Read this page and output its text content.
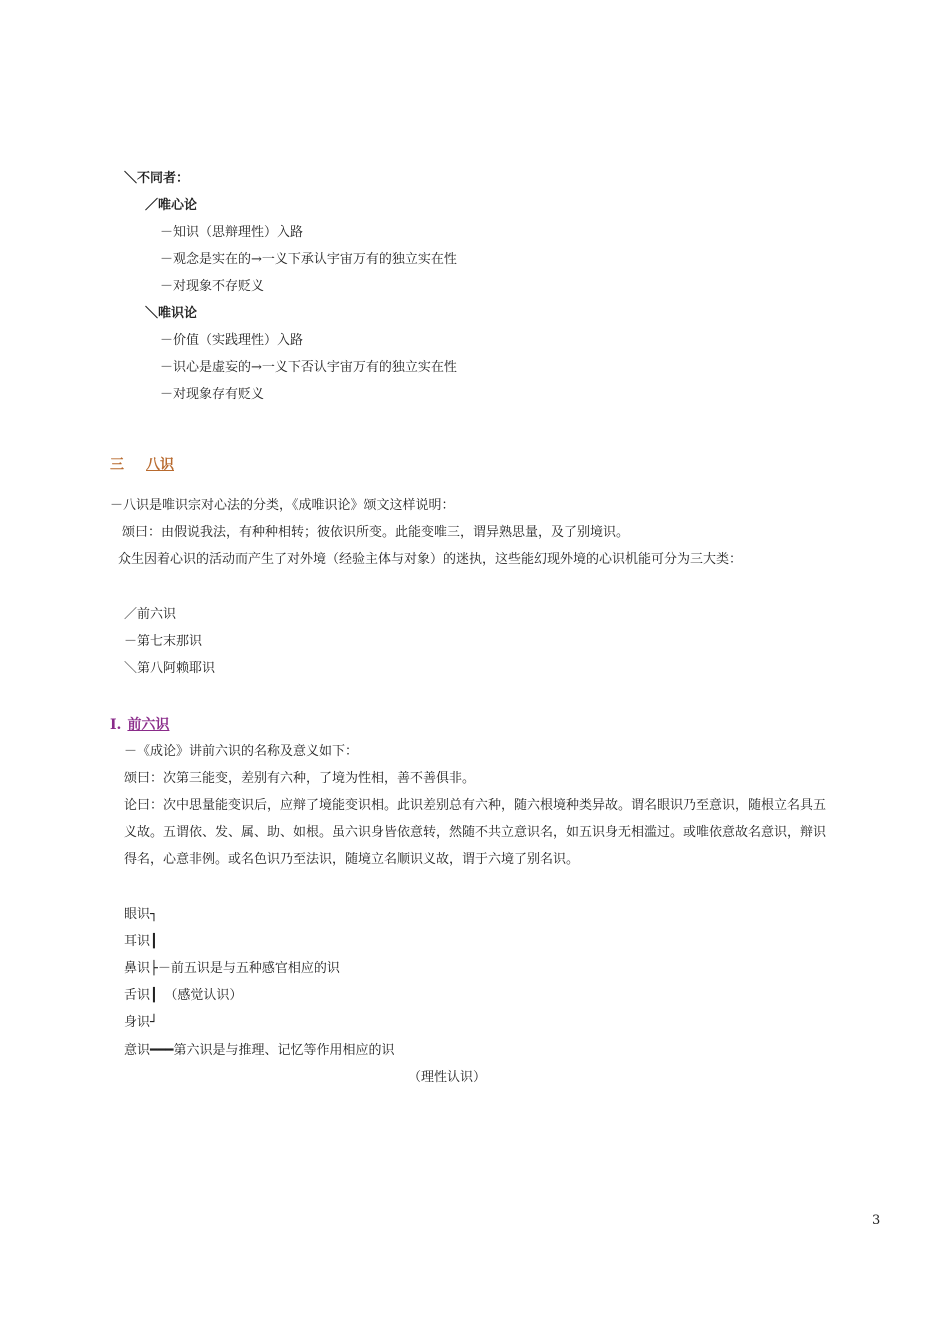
＼不同者：
／唯心论
－知识（思辩理性）入路
－观念是实在的→一义下承认宇宙万有的独立实在性
－对现象不存贬义
＼唯识论
－价值（实践理性）入路
－识心是虚妄的→一义下否认宇宙万有的独立实在性
－对现象存有贬义
三 八识
－八识是唯识宗对心法的分类，《成唯识论》颂文这样说明：
颂曰：由假说我法，有种种相转；彼依识所变。此能变唯三，谓异熟思量，及了别境识。
众生因着心识的活动而产生了对外境（经验主体与对象）的迷执，这些能幻现外境的心识机能可分为三大类：
／前六识
－第七末那识
＼第八阿赖耶识
I. 前六识
－《成论》讲前六识的名称及意义如下：
颂曰：次第三能变，差别有六种，了境为性相，善不善俱非。
论曰：次中思量能变识后，应辩了境能变识相。此识差别总有六种，随六根境种类异故。谓名眼识乃至意识，随根立名具五
义故。五谓依、发、属、助、如根。虽六识身皆依意转，然随不共立意识名，如五识身无相滥过。或唯依意故名意识，辩识
得名，心意非例。或名色识乃至法识，随境立名顺识义故，谓于六境了别名识。
眼识┐
耳识┃
鼻识├－前五识是与五种感官相应的识
舌识┃　（感觉认识）
身识┘
意识━━━第六识是与推理、记忆等作用相应的识
（理性认识）
3
